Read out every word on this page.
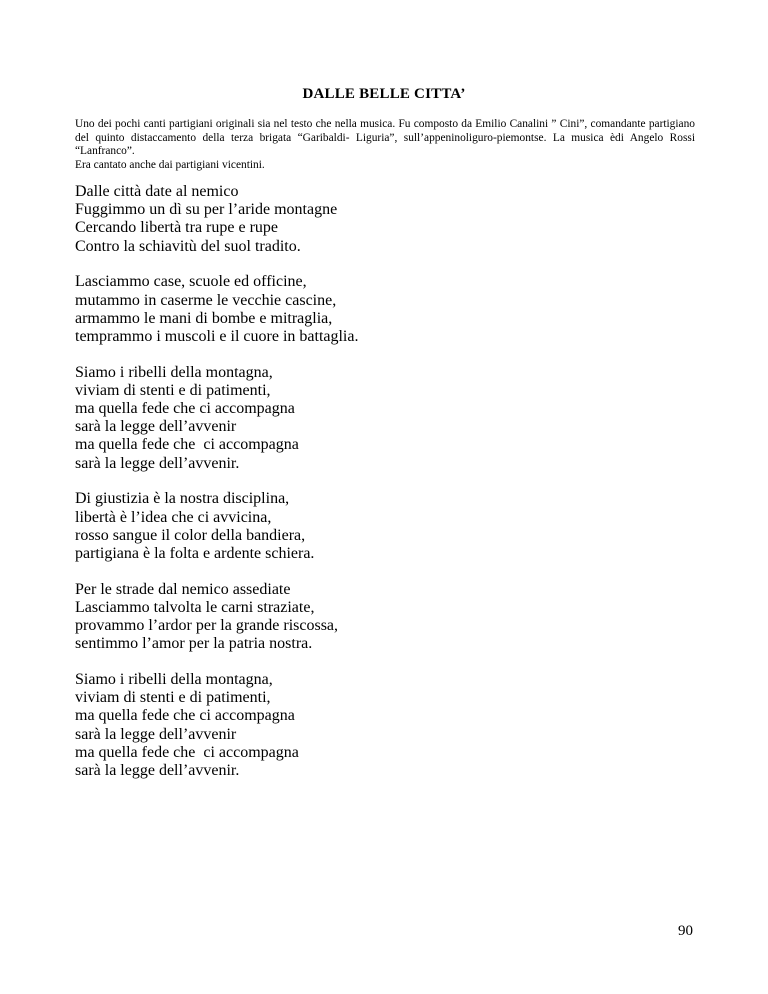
DALLE BELLE CITTA’

Uno dei pochi canti partigiani originali sia nel testo che nella musica. Fu composto da Emilio Canalini ” Cini”, comandante partigiano del quinto distaccamento della terza brigata “Garibaldi- Liguria”, sull’appeninoliguro-piemontse. La musica èdi Angelo Rossi “Lanfranco”.

Era cantato anche dai partigiani vicentini.

Dalle città date al nemico
Fuggimmo un dì su per l’aride montagne
Cercando libertà tra rupe e rupe
Contro la schiavitù del suol tradito.
Lasciammo case, scuole ed officine,
mutammo in caserme le vecchie cascine,
armammo le mani di bombe e mitraglia,
temprammo i muscoli e il cuore in battaglia.
Siamo i ribelli della montagna,
viviam di stenti e di patimenti,
ma quella fede che ci accompagna
sarà la legge dell’avvenir
ma quella fede che  ci accompagna
sarà la legge dell’avvenir.
Di giustizia è la nostra disciplina,
libertà è l’idea che ci avvicina,
rosso sangue il color della bandiera,
partigiana è la folta e ardente schiera.
Per le strade dal nemico assediate
Lasciammo talvolta le carni straziate,
provammo l’ardor per la grande riscossa,
sentimmo l’amor per la patria nostra.
Siamo i ribelli della montagna,
viviam di stenti e di patimenti,
ma quella fede che ci accompagna
sarà la legge dell’avvenir
ma quella fede che  ci accompagna
sarà la legge dell’avvenir.
90
